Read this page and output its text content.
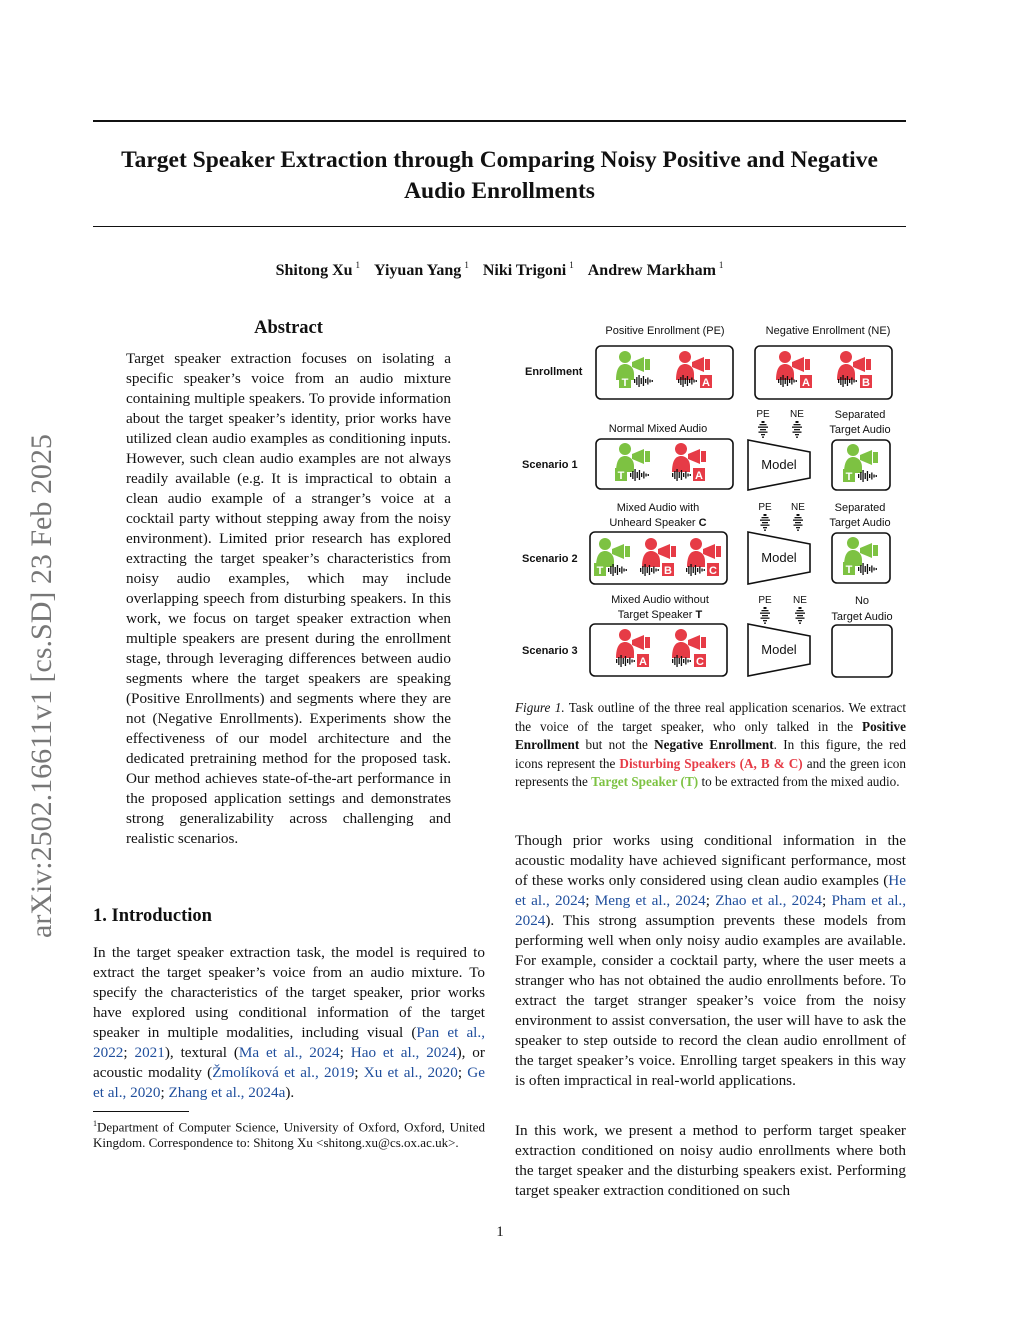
Target Speaker Extraction through Comparing Noisy Positive and Negative Audio Enrollments
Shitong Xu $^1$ Yiyuan Yang $^1$ Niki Trigoni $^1$ Andrew Markham $^1$
arXiv:2502.16611v1 [cs.SD] 23 Feb 2025
Abstract
Target speaker extraction focuses on isolating a specific speaker’s voice from an audio mixture containing multiple speakers. To provide information about the target speaker’s identity, prior works have utilized clean audio examples as conditioning inputs. However, such clean audio examples are not always readily available (e.g. It is impractical to obtain a clean audio example of a stranger’s voice at a cocktail party without stepping away from the noisy environment). Limited prior research has explored extracting the target speaker’s characteristics from noisy audio examples, which may include overlapping speech from disturbing speakers. In this work, we focus on target speaker extraction when multiple speakers are present during the enrollment stage, through leveraging differences between audio segments where the target speakers are speaking (Positive Enrollments) and segments where they are not (Negative Enrollments). Experiments show the effectiveness of our model architecture and the dedicated pretraining method for the proposed task. Our method achieves state-of-the-art performance in the proposed application settings and demonstrates strong generalizability across challenging and realistic scenarios.
1. Introduction
In the target speaker extraction task, the model is required to extract the target speaker’s voice from an audio mixture. To specify the characteristics of the target speaker, prior works have explored using conditional information of the target speaker in multiple modalities, including visual (Pan et al., 2022; 2021), textural (Ma et al., 2024; Hao et al., 2024), or acoustic modality (Žmolíková et al., 2019; Xu et al., 2020; Ge et al., 2020; Zhang et al., 2024a).
$^1$Department of Computer Science, University of Oxford, Oxford, United Kingdom. Correspondence to: Shitong Xu <shitong.xu@cs.ox.ac.uk>.
Positive Enrollment (PE)	Negative Enrollment (NE)
Enrollment
Scenario 1
Scenario 2
Scenario 3
T	A	A	B
Normal Mixed Audio
PE NE	Separated
Target Audio
T	A
Model
T
Mixed Audio with
Unheard Speaker C
PE NE	Separated
Target Audio
T	B	C
Model
T
Mixed Audio without
Target Speaker T
PE NE	No
Target Audio
A	C
Model
Figure 1. Task outline of the three real application scenarios. We extract the voice of the target speaker, who only talked in the Positive Enrollment but not the Negative Enrollment. In this figure, the red icons represent the Disturbing Speakers (A, B & C) and the green icon represents the Target Speaker (T) to be extracted from the mixed audio.
Though prior works using conditional information in the acoustic modality have achieved significant performance, most of these works only considered using clean audio examples (He et al., 2024; Meng et al., 2024; Zhao et al., 2024; Pham et al., 2024). This strong assumption prevents these models from performing well when only noisy audio examples are available. For example, consider a cocktail party, where the user meets a stranger who has not obtained the audio enrollments before. To extract the target stranger speaker’s voice from the noisy environment to assist conversation, the user will have to ask the speaker to step outside to record the clean audio enrollment of the target speaker’s voice. Enrolling target speakers in this way is often impractical in real-world applications.
In this work, we present a method to perform target speaker extraction conditioned on noisy audio enrollments where both the target speaker and the disturbing speakers exist. Performing target speaker extraction conditioned on such
1
